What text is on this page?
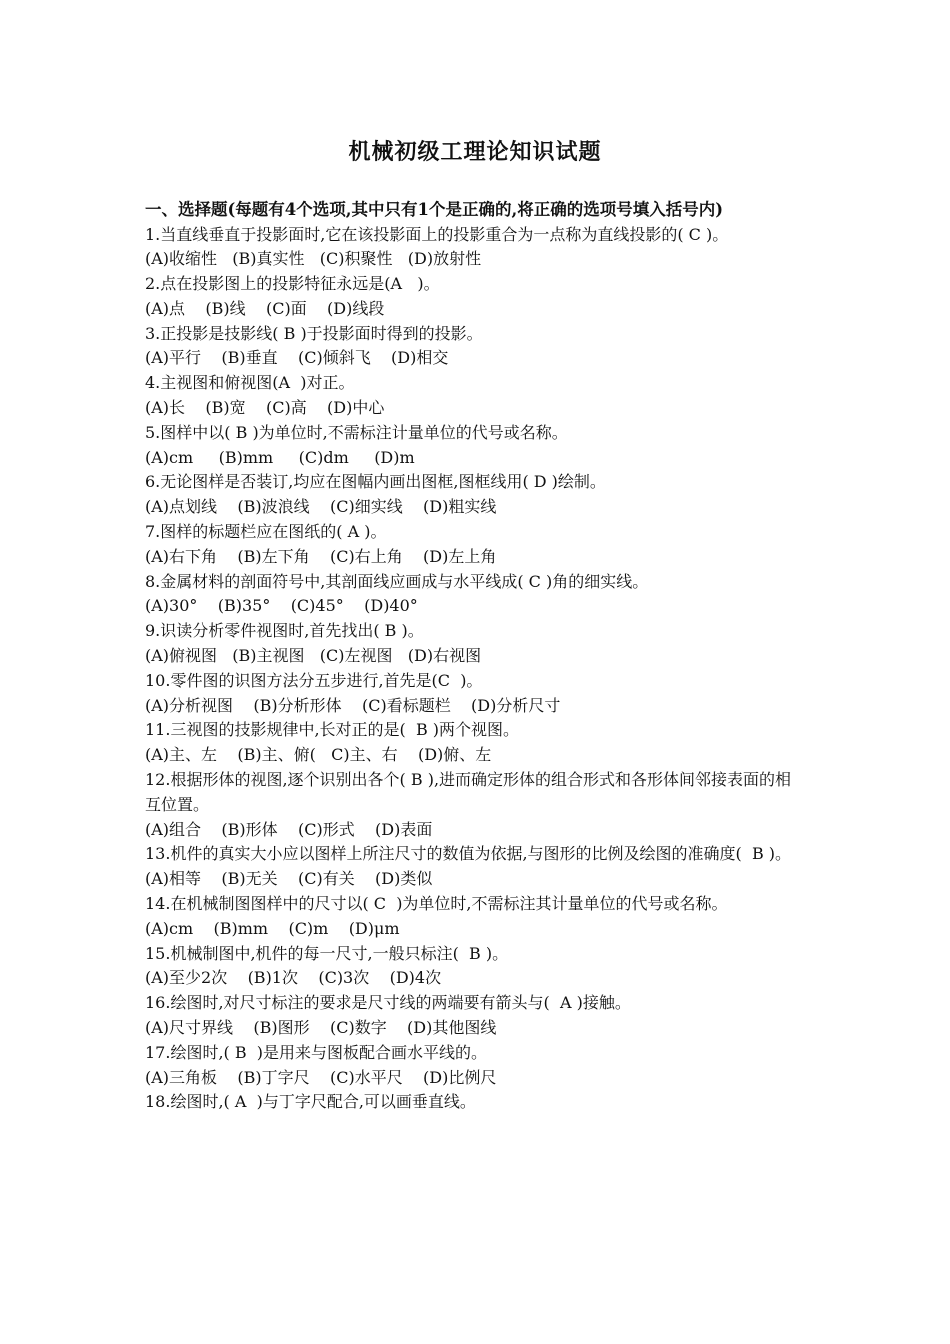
机械初级工理论知识试题

一、选择题(每题有4个选项,其中只有1个是正确的,将正确的选项号填入括号内)

1.当直线垂直于投影面时,它在该投影面上的投影重合为一点称为直线投影的( C )。

(A)收缩性   (B)真实性   (C)积聚性   (D)放射性

2.点在投影图上的投影特征永远是(A   )。

(A)点    (B)线    (C)面    (D)线段

3.正投影是技影线( B )于投影面时得到的投影。

(A)平行    (B)垂直    (C)倾斜飞    (D)相交

4.主视图和俯视图(A  )对正。

(A)长    (B)宽    (C)高    (D)中心

5.图样中以( B )为单位时,不需标注计量单位的代号或名称。

(A)cm     (B)mm     (C)dm     (D)m

6.无论图样是否装订,均应在图幅内画出图框,图框线用( D )绘制。

(A)点划线    (B)波浪线    (C)细实线    (D)粗实线

7.图样的标题栏应在图纸的( A )。

(A)右下角    (B)左下角    (C)右上角    (D)左上角

8.金属材料的剖面符号中,其剖面线应画成与水平线成( C )角的细实线。

(A)30°    (B)35°    (C)45°    (D)40°

9.识读分析零件视图时,首先找出( B )。

(A)俯视图   (B)主视图   (C)左视图   (D)右视图

10.零件图的识图方法分五步进行,首先是(C  )。

(A)分析视图    (B)分析形体    (C)看标题栏    (D)分析尺寸

11.三视图的技影规律中,长对正的是(  B )两个视图。

(A)主、左    (B)主、俯(   C)主、右    (D)俯、左

12.根据形体的视图,逐个识别出各个( B ),进而确定形体的组合形式和各形体间邻接表面的相互位置。

(A)组合    (B)形体    (C)形式    (D)表面

13.机件的真实大小应以图样上所注尺寸的数值为依据,与图形的比例及绘图的准确度(  B )。

(A)相等    (B)无关    (C)有关    (D)类似

14.在机械制图图样中的尺寸以( C  )为单位时,不需标注其计量单位的代号或名称。

(A)cm    (B)mm    (C)m    (D)μm

15.机械制图中,机件的每一尺寸,一般只标注(  B )。

(A)至少2次    (B)1次    (C)3次    (D)4次

16.绘图时,对尺寸标注的要求是尺寸线的两端要有箭头与(  A )接触。

(A)尺寸界线    (B)图形    (C)数字    (D)其他图线

17.绘图时,( B  )是用来与图板配合画水平线的。

(A)三角板    (B)丁字尺    (C)水平尺    (D)比例尺

18.绘图时,( A  )与丁字尺配合,可以画垂直线。
